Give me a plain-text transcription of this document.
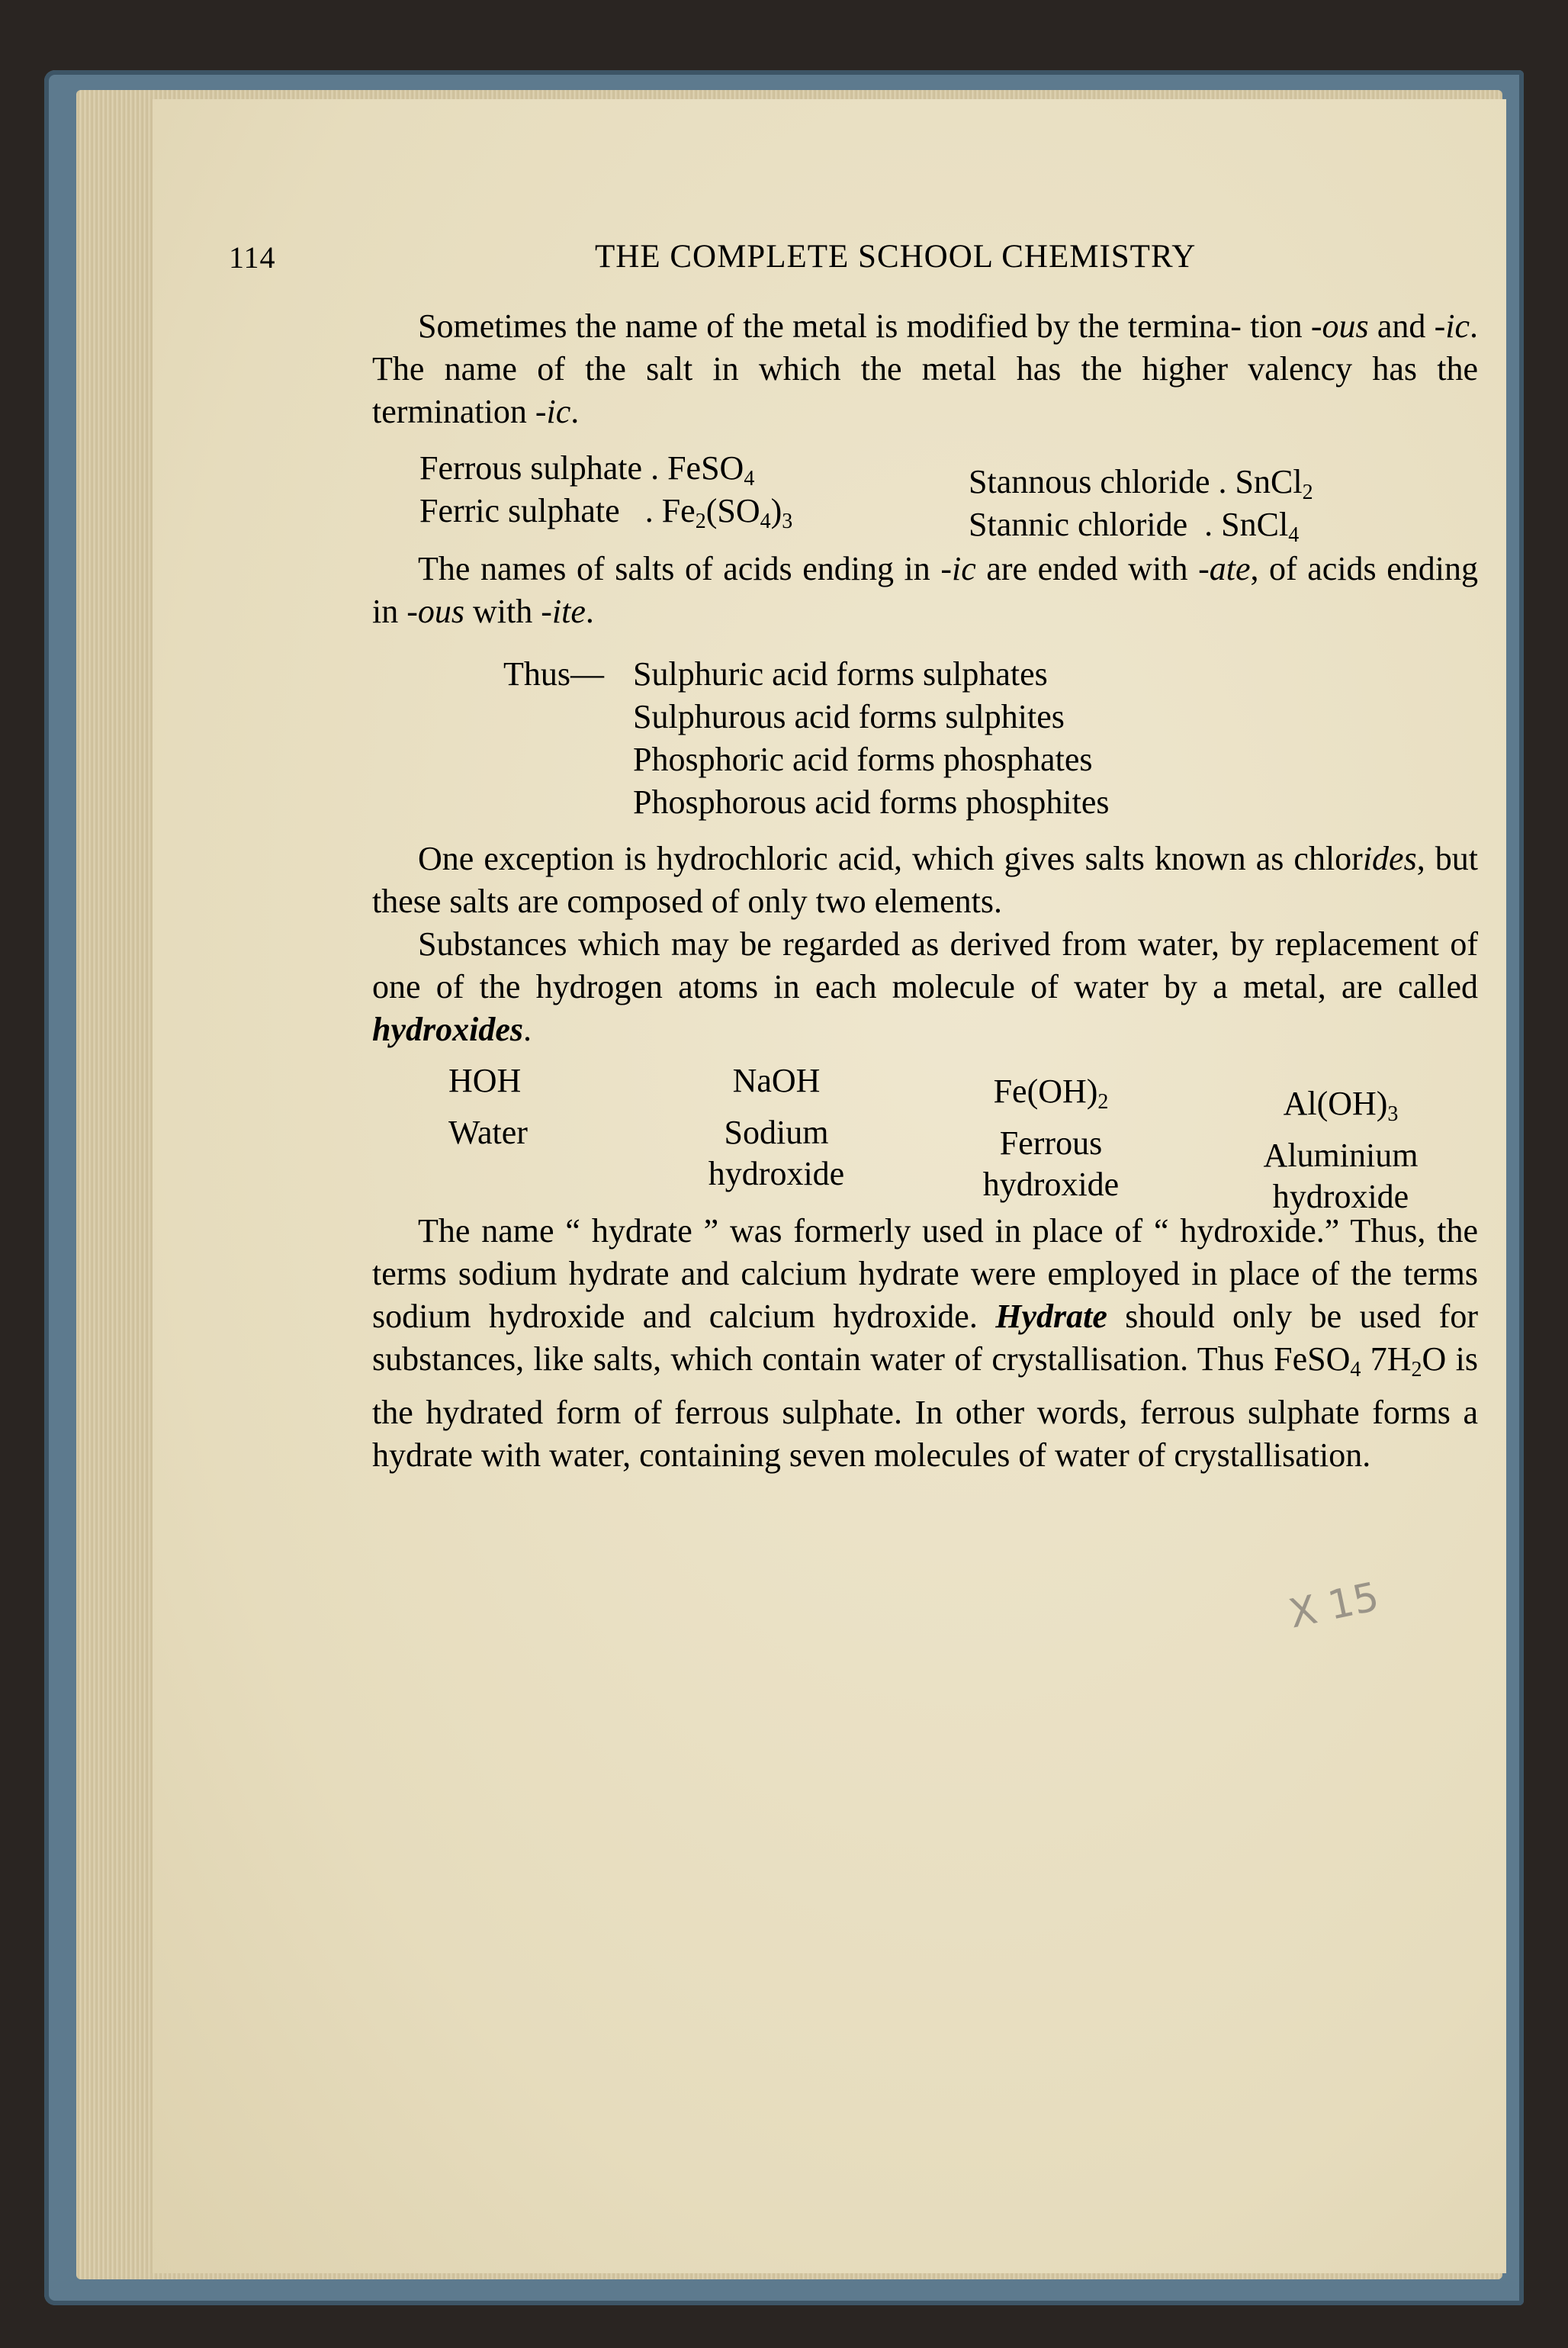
114	THE COMPLETE SCHOOL CHEMISTRY
Sometimes the name of the metal is modified by the termina- tion -ous and -ic. The name of the salt in which the metal has the higher valency has the termination -ic.
Ferrous sulphate . FeSO$_4$
Ferric sulphate   . $Fe_2(SO_4)_3$
Stannous chloride . SnCl$_2$
Stannic chloride  . SnCl$_4$
The names of salts of acids ending in -ic are ended with -ate, of acids ending in -ous with -ite.
Thus— Sulphuric acid forms sulphates
Sulphurous acid forms sulphites
Phosphoric acid forms phosphates
Phosphorous acid forms phosphites
One exception is hydrochloric acid, which gives salts known as chlorides, but these salts are composed of only two elements.
Substances which may be regarded as derived from water, by replacement of one of the hydrogen atoms in each molecule of water by a metal, are called hydroxides.
HOH
Water
NaOH
Sodium
hydroxide
$Fe(OH)_2$
Ferrous
hydroxide
$Al(OH)_3$
Aluminium
hydroxide
The name “ hydrate ” was formerly used in place of “ hydroxide.” Thus, the terms sodium hydrate and calcium hydrate were employed in place of the terms sodium hydroxide and calcium hydroxide. Hydrate should only be used for substances, like salts, which contain water of crystallisation. Thus FeSO$_4$ $7H_2O$ is the hydrated form of ferrous sulphate. In other words, ferrous sulphate forms a hydrate with water, containing seven molecules of water of crystallisation.
X 15
